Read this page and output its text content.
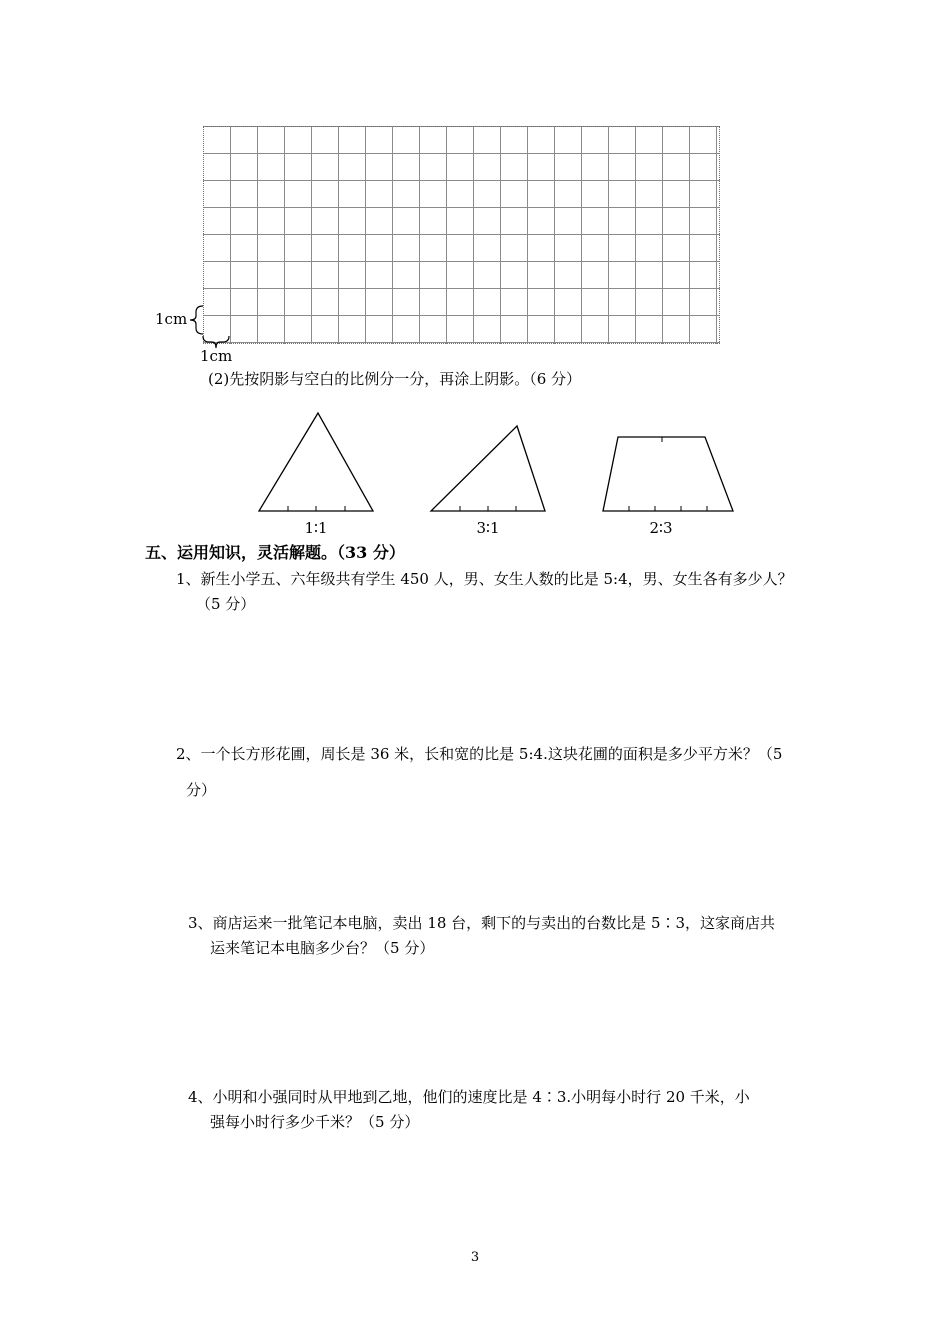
1cm
1cm
(2)先按阴影与空白的比例分一分，再涂上阴影。（6 分）
1∶1	3∶1	2∶3
五、运用知识，灵活解题。（33 分）
1、新生小学五、六年级共有学生 450 人，男、女生人数的比是 5:4，男、女生各有多少人？
（5 分）
2、一个长方形花圃，周长是 36 米，长和宽的比是 5:4.这块花圃的面积是多少平方米？（5
分）
3、商店运来一批笔记本电脑，卖出 18 台，剩下的与卖出的台数比是 5∶3，这家商店共
运来笔记本电脑多少台？（5 分）
4、小明和小强同时从甲地到乙地，他们的速度比是 4∶3.小明每小时行 20 千米，小
强每小时行多少千米？（5 分）
3
